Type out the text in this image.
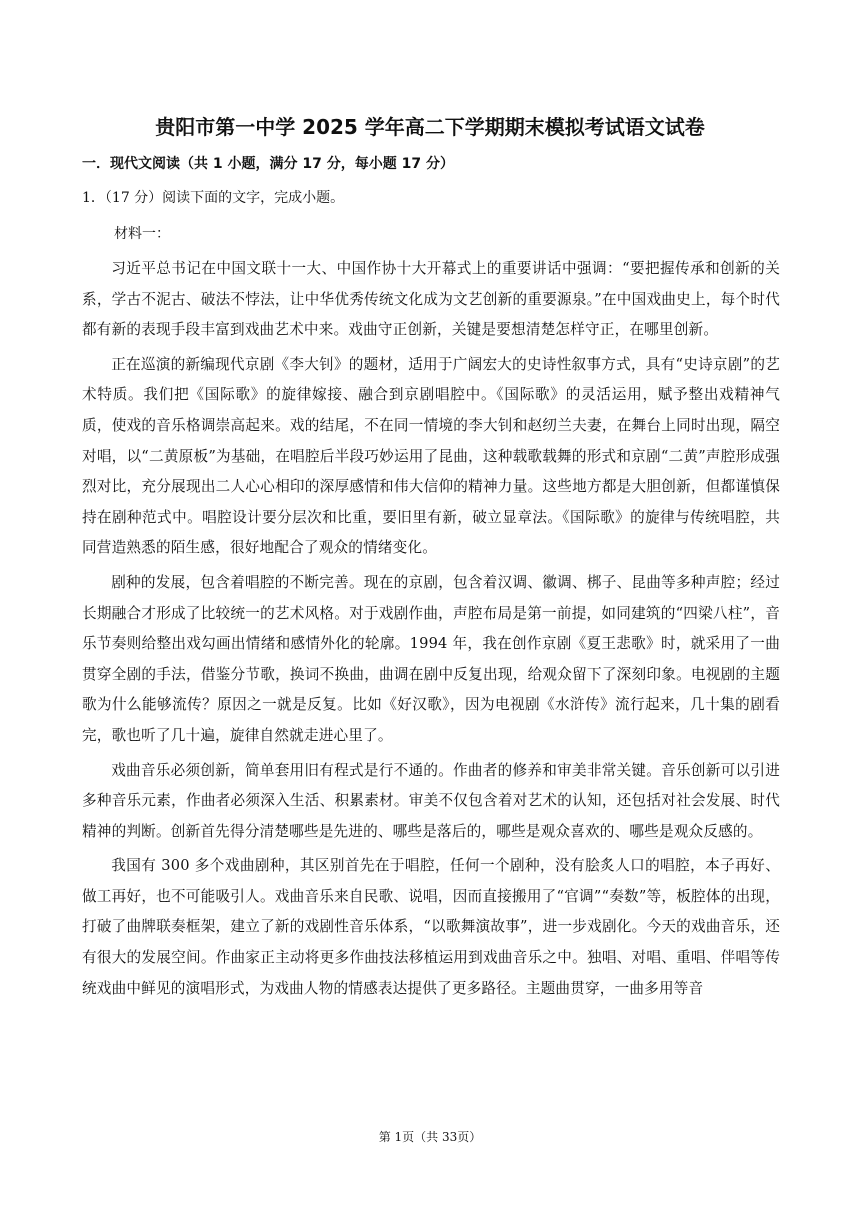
贵阳市第一中学 2025 学年高二下学期期末模拟考试语文试卷
一．现代文阅读（共 1 小题，满分 17 分，每小题 17 分）
1．（17 分）阅读下面的文字，完成小题。
材料一：

习近平总书记在中国文联十一大、中国作协十大开幕式上的重要讲话中强调：“要把握传承和创新的关系，学古不泥古、破法不悖法，让中华优秀传统文化成为文艺创新的重要源泉。”在中国戏曲史上，每个时代都有新的表现手段丰富到戏曲艺术中来。戏曲守正创新，关键是要想清楚怎样守正，在哪里创新。

正在巡演的新编现代京剧《李大钊》的题材，适用于广阔宏大的史诗性叙事方式，具有“史诗京剧”的艺术特质。我们把《国际歌》的旋律嫁接、融合到京剧唱腔中。《国际歌》的灵活运用，赋予整出戏精神气质，使戏的音乐格调崇高起来。戏的结尾，不在同一情境的李大钊和赵纫兰夫妻，在舞台上同时出现，隔空对唱，以“二黄原板”为基础，在唱腔后半段巧妙运用了昆曲，这种载歌载舞的形式和京剧“二黄”声腔形成强烈对比，充分展现出二人心心相印的深厚感情和伟大信仰的精神力量。这些地方都是大胆创新，但都谨慎保持在剧种范式中。唱腔设计要分层次和比重，要旧里有新，破立显章法。《国际歌》的旋律与传统唱腔，共同营造熟悉的陌生感，很好地配合了观众的情绪变化。

剧种的发展，包含着唱腔的不断完善。现在的京剧，包含着汉调、徽调、梆子、昆曲等多种声腔；经过长期融合才形成了比较统一的艺术风格。对于戏剧作曲，声腔布局是第一前提，如同建筑的“四梁八柱”，音乐节奏则给整出戏勾画出情绪和感情外化的轮廓。1994 年，我在创作京剧《夏王悲歌》时，就采用了一曲贯穿全剧的手法，借鉴分节歌，换词不换曲，曲调在剧中反复出现，给观众留下了深刻印象。电视剧的主题歌为什么能够流传？原因之一就是反复。比如《好汉歌》，因为电视剧《水浒传》流行起来，几十集的剧看完，歌也听了几十遍，旋律自然就走进心里了。

戏曲音乐必须创新，简单套用旧有程式是行不通的。作曲者的修养和审美非常关键。音乐创新可以引进多种音乐元素，作曲者必须深入生活、积累素材。审美不仅包含着对艺术的认知，还包括对社会发展、时代精神的判断。创新首先得分清楚哪些是先进的、哪些是落后的，哪些是观众喜欢的、哪些是观众反感的。

我国有 300 多个戏曲剧种，其区别首先在于唱腔，任何一个剧种，没有脍炙人口的唱腔，本子再好、做工再好，也不可能吸引人。戏曲音乐来自民歌、说唱，因而直接搬用了“官调”“奏数”等，板腔体的出现，打破了曲牌联奏框架，建立了新的戏剧性音乐体系，“以歌舞演故事”，进一步戏剧化。今天的戏曲音乐，还有很大的发展空间。作曲家正主动将更多作曲技法移植运用到戏曲音乐之中。独唱、对唱、重唱、伴唱等传统戏曲中鲜见的演唱形式，为戏曲人物的情感表达提供了更多路径。主题曲贯穿，一曲多用等音

第 1页（共 33页）
